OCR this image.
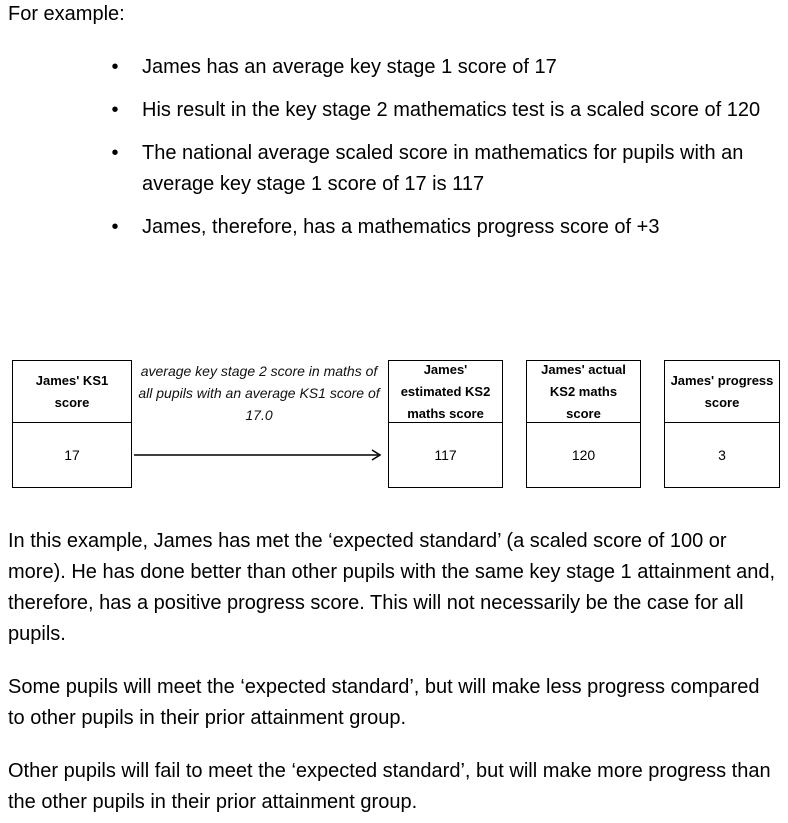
For example:

• James has an average key stage 1 score of 17
• His result in the key stage 2 mathematics test is a scaled score of 120
• The national average scaled score in mathematics for pupils with an average key stage 1 score of 17 is 117
• James, therefore, has a mathematics progress score of +3
James' KS1 score
17
average key stage 2 score in maths of all pupils with an average KS1 score of 17.0
James' estimated KS2 maths score
117
James' actual KS2 maths score
120
James' progress score
3

In this example, James has met the ‘expected standard’ (a scaled score of 100 or more). He has done better than other pupils with the same key stage 1 attainment and, therefore, has a positive progress score. This will not necessarily be the case for all pupils.

Some pupils will meet the ‘expected standard’, but will make less progress compared to other pupils in their prior attainment group.

Other pupils will fail to meet the ‘expected standard’, but will make more progress than the other pupils in their prior attainment group.
